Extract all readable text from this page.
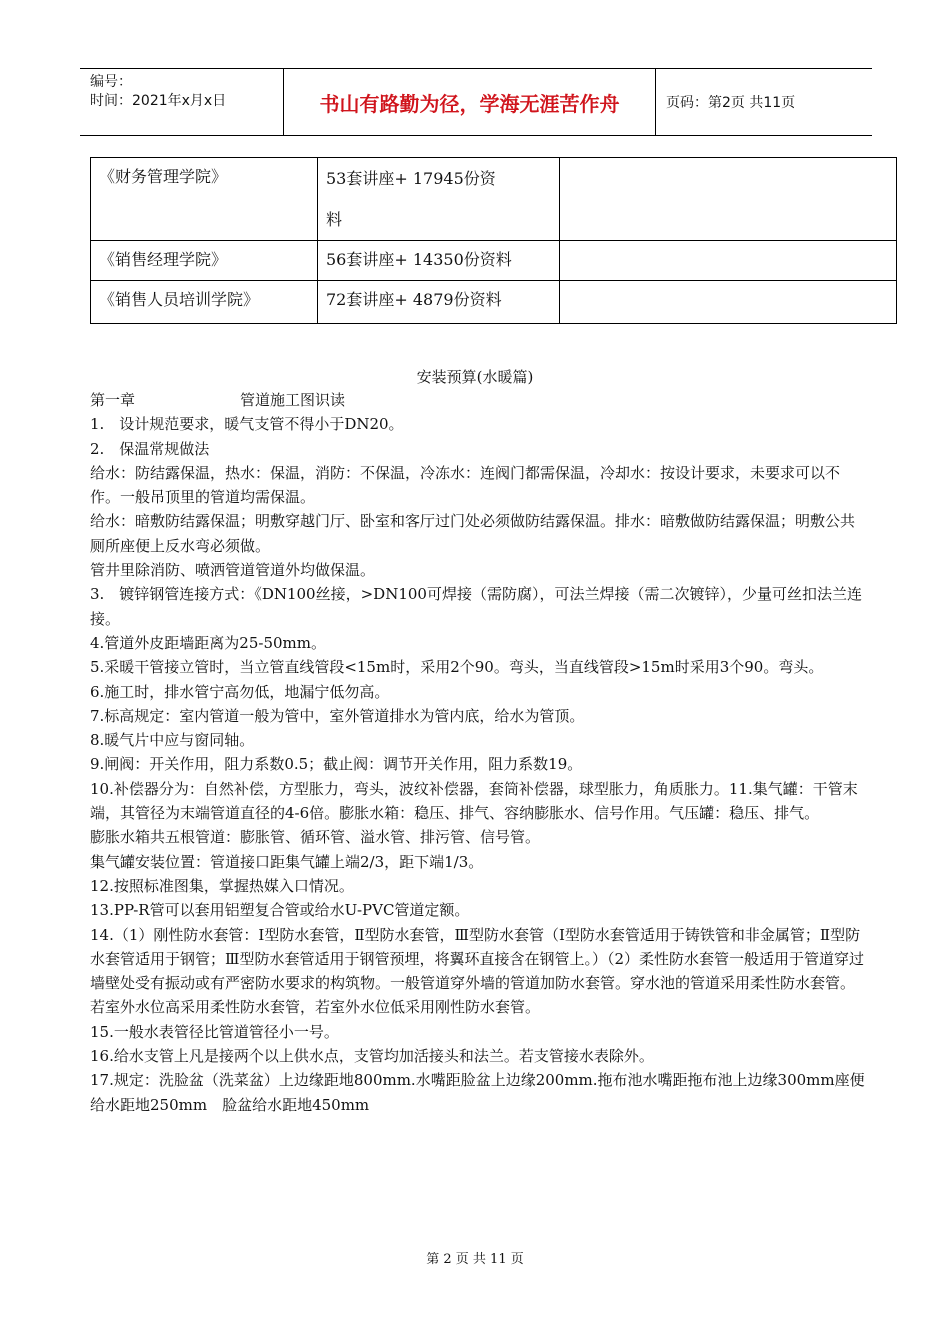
编号：
时间：2021年x月x日	书山有路勤为径，学海无涯苦作舟	页码：第2页 共11页
《财务管理学院》	53套讲座+ 17945份资
料	

《销售经理学院》	56套讲座+ 14350份资料	
《销售人员培训学院》	72套讲座+ 4879份资料	
安装预算(水暖篇)

第一章	管道施工图识读

1.　设计规范要求，暖气支管不得小于DN20。

2.　保温常规做法

给水：防结露保温，热水：保温，消防：不保温，冷冻水：连阀门都需保温，冷却水：按设计要求，未要求可以不作。一般吊顶里的管道均需保温。

给水：暗敷防结露保温；明敷穿越门厅、卧室和客厅过门处必须做防结露保温。排水：暗敷做防结露保温；明敷公共厕所座便上反水弯必须做。

管井里除消防、喷洒管道管道外均做保温。

3.　镀锌钢管连接方式：《DN100丝接，>DN100可焊接（需防腐），可法兰焊接（需二次镀锌），少量可丝扣法兰连接。

4.管道外皮距墙距离为25-50mm。

5.采暖干管接立管时，当立管直线管段<15m时，采用2个90。弯头，当直线管段>15m时采用3个90。弯头。

6.施工时，排水管宁高勿低，地漏宁低勿高。

7.标高规定：室内管道一般为管中，室外管道排水为管内底，给水为管顶。

8.暖气片中应与窗同轴。

9.闸阀：开关作用，阻力系数0.5；截止阀：调节开关作用，阻力系数19。

10.补偿器分为：自然补偿，方型胀力，弯头，波纹补偿器，套筒补偿器，球型胀力，角质胀力。11.集气罐：干管末端，其管径为末端管道直径的4-6倍。膨胀水箱：稳压、排气、容纳膨胀水、信号作用。气压罐：稳压、排气。

膨胀水箱共五根管道：膨胀管、循环管、溢水管、排污管、信号管。

集气罐安装位置：管道接口距集气罐上端2/3，距下端1/3。

12.按照标准图集，掌握热媒入口情况。

13.PP-R管可以套用铝塑复合管或给水U-PVC管道定额。

14.（1）刚性防水套管：Ⅰ型防水套管，Ⅱ型防水套管，Ⅲ型防水套管（Ⅰ型防水套管适用于铸铁管和非金属管；Ⅱ型防水套管适用于钢管；Ⅲ型防水套管适用于钢管预埋，将翼环直接含在钢管上。）（2）柔性防水套管一般适用于管道穿过墙壁处受有振动或有严密防水要求的构筑物。一般管道穿外墙的管道加防水套管。穿水池的管道采用柔性防水套管。若室外水位高采用柔性防水套管，若室外水位低采用刚性防水套管。

15.一般水表管径比管道管径小一号。

16.给水支管上凡是接两个以上供水点，支管均加活接头和法兰。若支管接水表除外。

17.规定：洗脸盆（洗菜盆）上边缘距地800mm.水嘴距脸盆上边缘200mm.拖布池水嘴距拖布池上边缘300mm座便给水距地250mm　脸盆给水距地450mm

第 2 页 共 11 页
